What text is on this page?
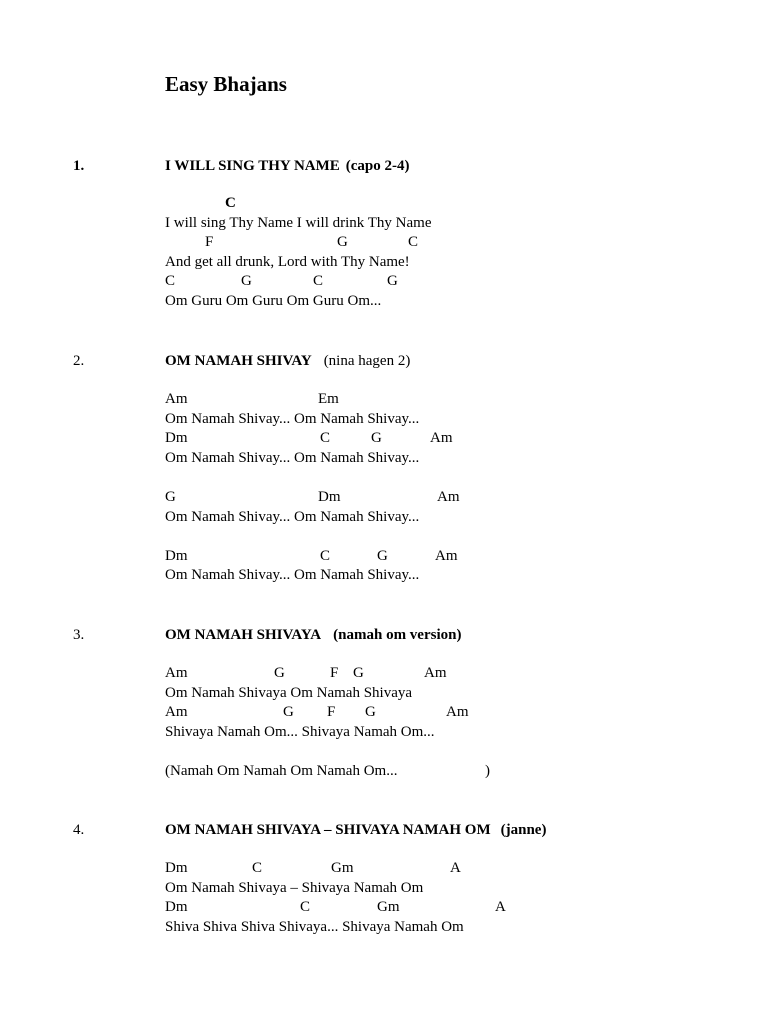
Easy Bhajans
1.	I WILL SING THY NAME (capo 2-4)
C
I will sing Thy Name I will drink Thy Name
F	G	C
And get all drunk, Lord with Thy Name!
C	G	C	G
Om Guru Om Guru Om Guru Om...
2.	OM NAMAH SHIVAY (nina hagen 2)
Am	Em
Om Namah Shivay... Om Namah Shivay...
Dm	C	G	Am
Om Namah Shivay... Om Namah Shivay...
G	Dm	Am
Om Namah Shivay... Om Namah Shivay...
Dm	C	G	Am
Om Namah Shivay... Om Namah Shivay...
3.	OM NAMAH SHIVAYA (namah om version)
Am	G	F G	Am
Om Namah Shivaya Om Namah Shivaya
Am	G F G	Am
Shivaya Namah Om... Shivaya Namah Om...
(Namah Om Namah Om Namah Om...	)
4.	OM NAMAH SHIVAYA – SHIVAYA NAMAH OM (janne)
Dm	C	Gm	A
Om Namah Shivaya – Shivaya Namah Om
Dm	C	Gm	A
Shiva Shiva Shiva Shivaya... Shivaya Namah Om
